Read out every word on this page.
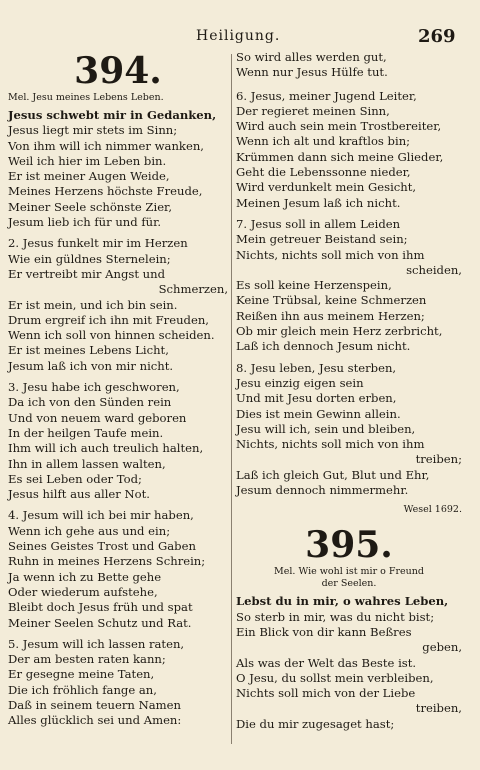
Heiligung.	269

394.

Mel. Jesu meines Lebens Leben.

Jesus schwebt mir in Gedanken,
Jesus liegt mir stets im Sinn;
Von ihm will ich nimmer wanken,
Weil ich hier im Leben bin.
Er ist meiner Augen Weide,
Meines Herzens höchste Freude,
Meiner Seele schönste Zier,
Jesum lieb ich für und für.
2. Jesus funkelt mir im Herzen
Wie ein güldnes Sternelein;
Er vertreibt mir Angst und
Schmerzen,
Er ist mein, und ich bin sein.
Drum ergreif ich ihn mit Freuden,
Wenn ich soll von hinnen scheiden.
Er ist meines Lebens Licht,
Jesum laß ich von mir nicht.
3. Jesu habe ich geschworen,
Da ich von den Sünden rein
Und von neuem ward geboren
In der heilgen Taufe mein.
Ihm will ich auch treulich halten,
Ihn in allem lassen walten,
Es sei Leben oder Tod;
Jesus hilft aus aller Not.
4. Jesum will ich bei mir haben,
Wenn ich gehe aus und ein;
Seines Geistes Trost und Gaben
Ruhn in meines Herzens Schrein;
Ja wenn ich zu Bette gehe
Oder wiederum aufstehe,
Bleibt doch Jesus früh und spat
Meiner Seelen Schutz und Rat.
5. Jesum will ich lassen raten,
Der am besten raten kann;
Er gesegne meine Taten,
Die ich fröhlich fange an,
Daß in seinem teuern Namen
Alles glücklich sei und Amen:
So wird alles werden gut,
Wenn nur Jesus Hülfe tut.
6. Jesus, meiner Jugend Leiter,
Der regieret meinen Sinn,
Wird auch sein mein Trostbereiter,
Wenn ich alt und kraftlos bin;
Krümmen dann sich meine Glieder,
Geht die Lebenssonne nieder,
Wird verdunkelt mein Gesicht,
Meinen Jesum laß ich nicht.
7. Jesus soll in allem Leiden
Mein getreuer Beistand sein;
Nichts, nichts soll mich von ihm
scheiden,
Es soll keine Herzenspein,
Keine Trübsal, keine Schmerzen
Reißen ihn aus meinem Herzen;
Ob mir gleich mein Herz zerbricht,
Laß ich dennoch Jesum nicht.
8. Jesu leben, Jesu sterben,
Jesu einzig eigen sein
Und mit Jesu dorten erben,
Dies ist mein Gewinn allein.
Jesu will ich, sein und bleiben,
Nichts, nichts soll mich von ihm
treiben;
Laß ich gleich Gut, Blut und Ehr,
Jesum dennoch nimmermehr.

Wesel 1692.

395.

Mel. Wie wohl ist mir o Freund

der Seelen.

Lebst du in mir, o wahres Leben,
So sterb in mir, was du nicht bist;
Ein Blick von dir kann Beßres
geben,
Als was der Welt das Beste ist.
O Jesu, du sollst mein verbleiben,
Nichts soll mich von der Liebe
treiben,
Die du mir zugesaget hast;
